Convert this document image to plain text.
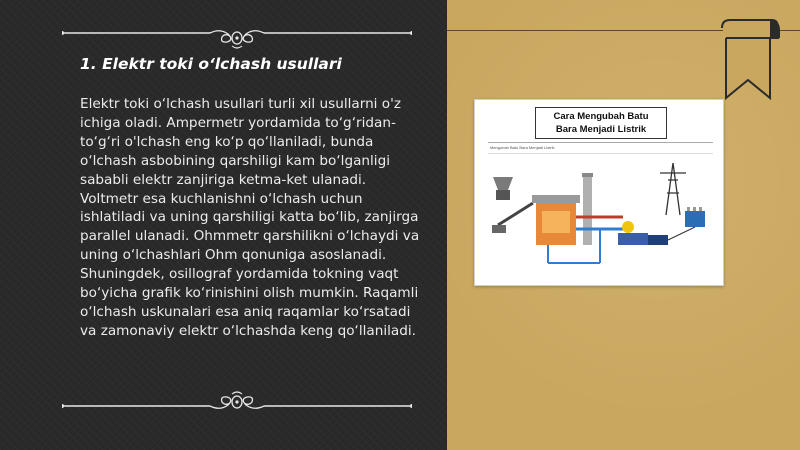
1. Elektr toki o‘lchash usullari
Elektr toki o‘lchash usullari turli xil usullarni o'z ichiga oladi. Ampermetr yordamida to‘g‘ridan-to‘g‘ri o'lchash eng ko‘p qo‘llaniladi, bunda o‘lchash asbobining qarshiligi kam bo‘lganligi sababli elektr zanjiriga ketma-ket ulanadi. Voltmetr esa kuchlanishni o‘lchash uchun ishlatiladi va uning qarshiligi katta bo‘lib, zanjirga parallel ulanadi. Ohmmetr qarshilikni o‘lchaydi va uning o‘lchashlari Ohm qonuniga asoslanadi. Shuningdek, osillograf yordamida tokning vaqt bo‘yicha grafik ko‘rinishini olish mumkin. Raqamli o‘lchash uskunalari esa aniq raqamlar ko‘rsatadi va zamonaviy elektr o‘lchashda keng qo‘llaniladi.
Cara Mengubah Batu
Bara Menjadi Listrik
Mengubah Batu Bara Menjadi Listrik
